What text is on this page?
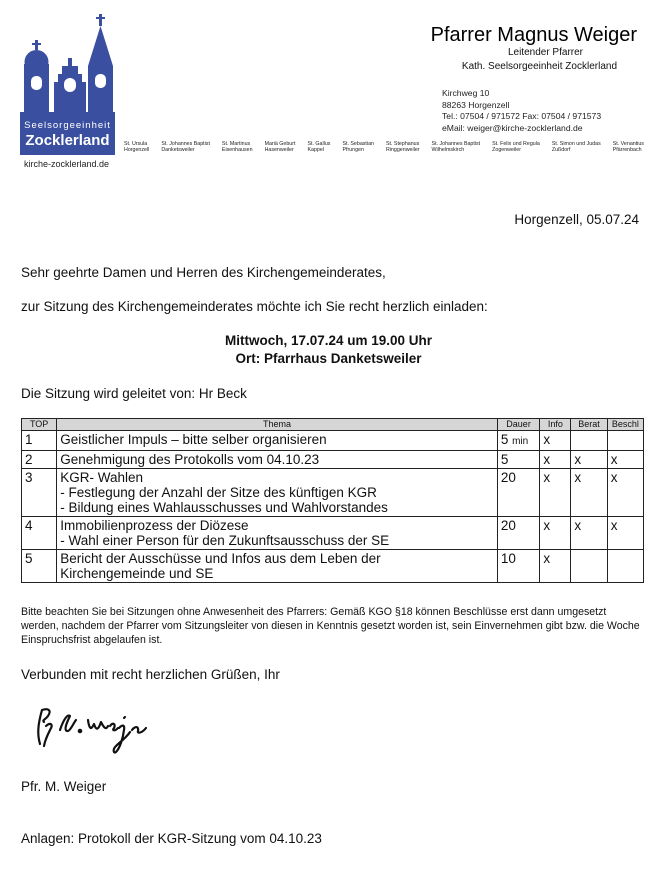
Seelsorgeeinheit
Zocklerland
kirche-zocklerland.de
St. Ursula
Horgenzell
St. Johannes Baptist
Danketsweiler
St. Martinus
Eisenhausen
Mariä Geburt
Hasenweiler
St. Gallus
Kappel
St. Sebastian
Pfrungen
St. Stephanus
Ringgenweiler
St. Johannes Baptist
Wilhelmskirch
St. Felix und Regula
Zogenweiler
St. Simon und Judas
Zußdorf
St. Venantius
Pfärrenbach
Pfarrer Magnus Weiger
Leitender Pfarrer
Kath. Seelsorgeeinheit Zocklerland
Kirchweg 10
88263 Horgenzell
Tel.: 07504 / 971572 Fax: 07504 / 971573
eMail: weiger@kirche-zocklerland.de
Horgenzell, 05.07.24
Sehr geehrte Damen und Herren des Kirchengemeinderates,
zur Sitzung des Kirchengemeinderates möchte ich Sie recht herzlich einladen:
Mittwoch, 17.07.24 um 19.00 Uhr
Ort: Pfarrhaus Danketsweiler
Die Sitzung wird geleitet von: Hr Beck
TOP	Thema	Dauer	Info	Berat	Beschl
1	Geistlicher Impuls – bitte selber organisieren	5 min	x		
2	Genehmigung des Protokolls vom 04.10.23	5	x	x	x
3	KGR- Wahlen
- Festlegung der Anzahl der Sitze des künftigen KGR
- Bildung eines Wahlausschusses und Wahlvorstandes	20	x	x	x
4	Immobilienprozess der Diözese
- Wahl einer Person für den Zukunftsausschuss der SE	20	x	x	x
5	Bericht der Ausschüsse und Infos aus dem Leben der
Kirchengemeinde und SE	10	x		
Bitte beachten Sie bei Sitzungen ohne Anwesenheit des Pfarrers: Gemäß KGO §18 können Beschlüsse erst dann umgesetzt werden, nachdem der Pfarrer vom Sitzungsleiter von diesen in Kenntnis gesetzt worden ist, sein Einvernehmen gibt bzw. die Woche Einspruchsfrist abgelaufen ist.
Verbunden mit recht herzlichen Grüßen, Ihr
Pfr. M. Weiger
Anlagen: Protokoll der KGR-Sitzung vom 04.10.23
